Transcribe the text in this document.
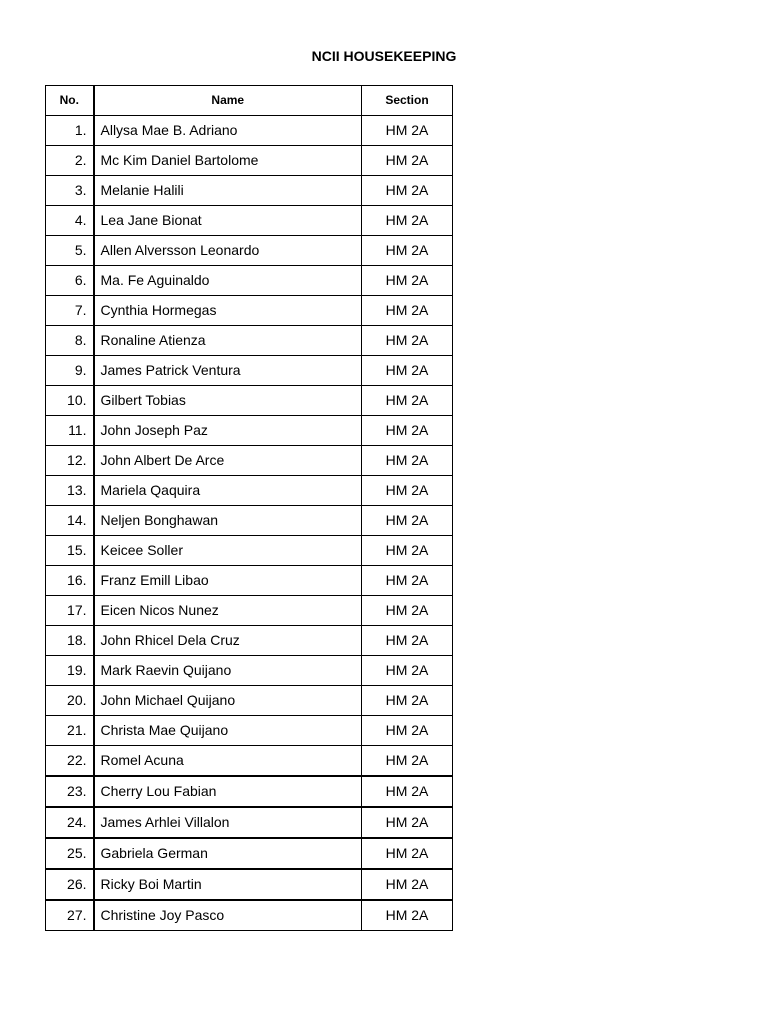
NCII HOUSEKEEPING
No.	Name	Section
1.	Allysa Mae B. Adriano	HM 2A
2.	Mc Kim Daniel Bartolome	HM 2A
3.	Melanie Halili	HM 2A
4.	Lea Jane Bionat	HM 2A
5.	Allen Alversson Leonardo	HM 2A
6.	Ma. Fe Aguinaldo	HM 2A
7.	Cynthia Hormegas	HM 2A
8.	Ronaline Atienza	HM 2A
9.	James Patrick Ventura	HM 2A
10.	Gilbert Tobias	HM 2A
11.	John Joseph Paz	HM 2A
12.	John Albert De Arce	HM 2A
13.	Mariela Qaquira	HM 2A
14.	Neljen Bonghawan	HM 2A
15.	Keicee Soller	HM 2A
16.	Franz Emill Libao	HM 2A
17.	Eicen Nicos Nunez	HM 2A
18.	John Rhicel Dela Cruz	HM 2A
19.	Mark Raevin Quijano	HM 2A
20.	John Michael Quijano	HM 2A
21.	Christa Mae Quijano	HM 2A
22.	Romel Acuna	HM 2A
23.	Cherry Lou Fabian	HM 2A
24.	James Arhlei Villalon	HM 2A
25.	Gabriela German	HM 2A
26.	Ricky Boi Martin	HM 2A
27.	Christine Joy Pasco	HM 2A
